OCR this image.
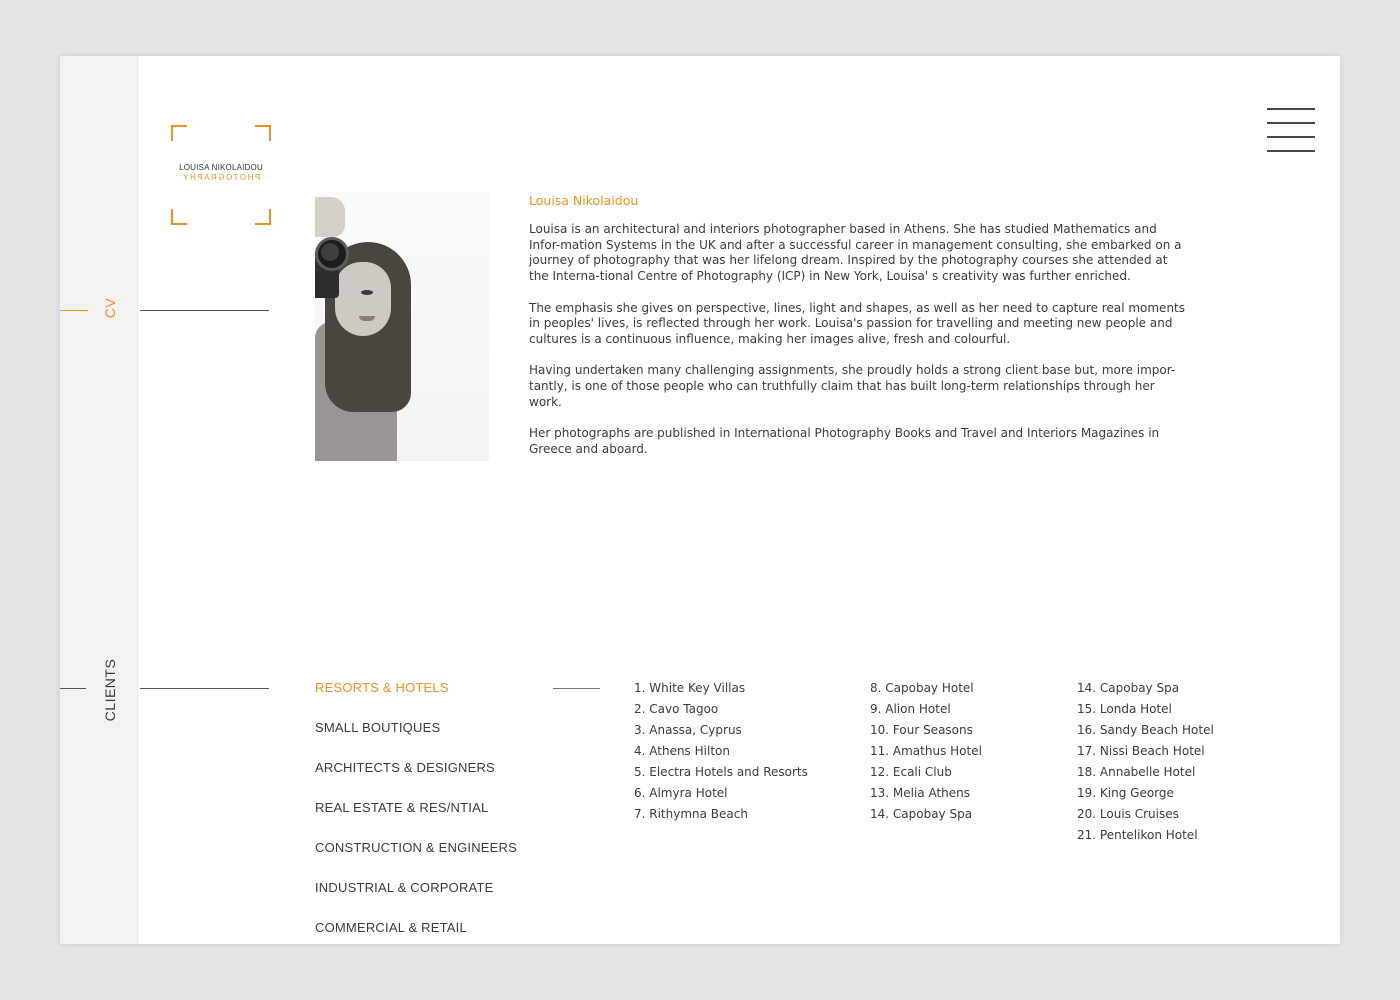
LOUISA NIKOLAIDOU
PHOTOGRAPHY
CV
Louisa Nikolaidou

Louisa is an architectural and interiors photographer based in Athens. She has studied Mathematics and Infor-mation Systems in the UK and after a successful career in management consulting, she embarked on a journey of photography that was her lifelong dream. Inspired by the photography courses she attended at the Interna-tional Centre of Photography (ICP) in New York, Louisa' s creativity was further enriched.

The emphasis she gives on perspective, lines, light and shapes, as well as her need to capture real moments in peoples' lives, is reflected through her work. Louisa's passion for travelling and meeting new people and cultures is a continuous influence, making her images alive, fresh and colourful.

Having undertaken many challenging assignments, she proudly holds a strong client base but, more impor-tantly, is one of those people who can truthfully claim that has built long-term relationships through her work.

Her photographs are published in International Photography Books and Travel and Interiors Magazines in Greece and aboard.

CLIENTS	RESORTS & HOTELS
SMALL BOUTIQUES
ARCHITECTS & DESIGNERS
REAL ESTATE & RES/NTIAL
CONSTRUCTION & ENGINEERS
INDUSTRIAL & CORPORATE
COMMERCIAL & RETAIL
1. White Key Villas
2. Cavo Tagoo
3. Anassa, Cyprus
4. Athens Hilton
5. Electra Hotels and Resorts
6. Almyra Hotel
7. Rithymna Beach
8. Capobay Hotel
9. Alion Hotel
10. Four Seasons
11. Amathus Hotel
12. Ecali Club
13. Melia Athens
14. Capobay Spa
14. Capobay Spa
15. Londa Hotel
16. Sandy Beach Hotel
17. Nissi Beach Hotel
18. Annabelle Hotel
19. King George
20. Louis Cruises
21. Pentelikon Hotel
